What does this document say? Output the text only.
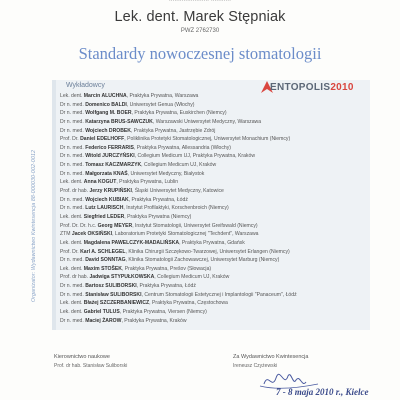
Lek. dent. Marek Stępniak
PWZ 2762730
Standardy nowoczesnej stomatologii
Organizator: Wydawnictwo Kwintesencja 88-000030-002-0012
Wykładowcy	ENTOPOLIS2010
Lek. dent. Marcin ALUCHNA, Praktyka Prywatna, Warszawa
Dr n. med. Domenico BALDI, Uniwersytet Genua (Włochy)
Dr n. med. Wolfgang M. BOER, Praktyka Prywatna, Euskirchen (Niemcy)
Dr n. med. Katarzyna BRUS-SAWCZUK, Warszawski Uniwersytet Medyczny, Warszawa
Dr n. med. Wojciech DROBEK, Praktyka Prywatna, Jastrzębie Zdrój
Prof. Dr. Daniel EDELHOFF, Poliklinika Protetyki Stomatologicznej, Uniwersytet Monachium (Niemcy)
Dr n. med. Federico FERRARIS, Praktyka Prywatna, Allessandria (Włochy)
Dr n. med. Witold JURCZYŃSKI, Collegium Medicum UJ, Praktyka Prywatna, Kraków
Dr n. med. Tomasz KACZMARZYK, Collegium Medicum UJ, Kraków
Dr n. med. Małgorzata KNAŚ, Uniwersytet Medyczny, Białystok
Lek. dent. Anna KOGUT, Praktyka Prywatna, Lublin
Prof. dr hab. Jerzy KRUPIŃSKI, Śląski Uniwersytet Medyczny, Katowice
Dr n. med. Wojciech KUBIAK, Praktyka Prywatna, Łódź
Dr n. med. Lutz LAURISCH, Instytut Profilaktyki, Korschenbroich (Niemcy)
Lek. dent. Siegfried LEDER, Praktyka Prywatna (Niemcy)
Prof. Dr. Dr. h.c. Georg MEYER, Instytut Stomatologii, Uniwersytet Greifswald (Niemcy)
ZTM Jacek OKSIŃSKI, Laboratorium Protetyki Stomatologicznej "Techdent", Warszawa
Lek. dent. Magdalena PAWELCZYK-MADALIŃSKA, Praktyka Prywatna, Gdańsk
Prof. Dr. Karl A. SCHLEGEL, Klinika Chirurgii Szczękowo-Twarzowej, Uniwersytet Erlangen (Niemcy)
Dr n. med. David SONNTAG, Klinika Stomatologii Zachowawczej, Uniwersytet Marburg (Niemcy)
Lek. dent. Maxim STOŠEK, Praktyka Prywatna, Prešov (Słowacja)
Prof. dr hab. Jadwiga STYPUŁKOWSKA, Collegium Medicum UJ, Kraków
Dr n. med. Bartosz SULIBORSKI, Praktyka Prywatna, Łódź
Dr n. med. Stanisław SULIBORSKI, Centrum Stomatologii Estetycznej i Implantologii "Panaceum", Łódź
Lek. dent. Błażej SZCZERBANIEWICZ, Praktyka Prywatna, Częstochowa
Lek. dent. Gabriel TULUS, Praktyka Prywatna, Viersen (Niemcy)
Dr n. med. Maciej ŻAROW, Praktyka Prywatna, Kraków
Kierownictwo naukowe
Prof. dr hab. Stanisław Suliborski
Za Wydawnictwo Kwintesencja
Ireneusz Czyżewski
7 - 8 maja 2010 r., Kielce
